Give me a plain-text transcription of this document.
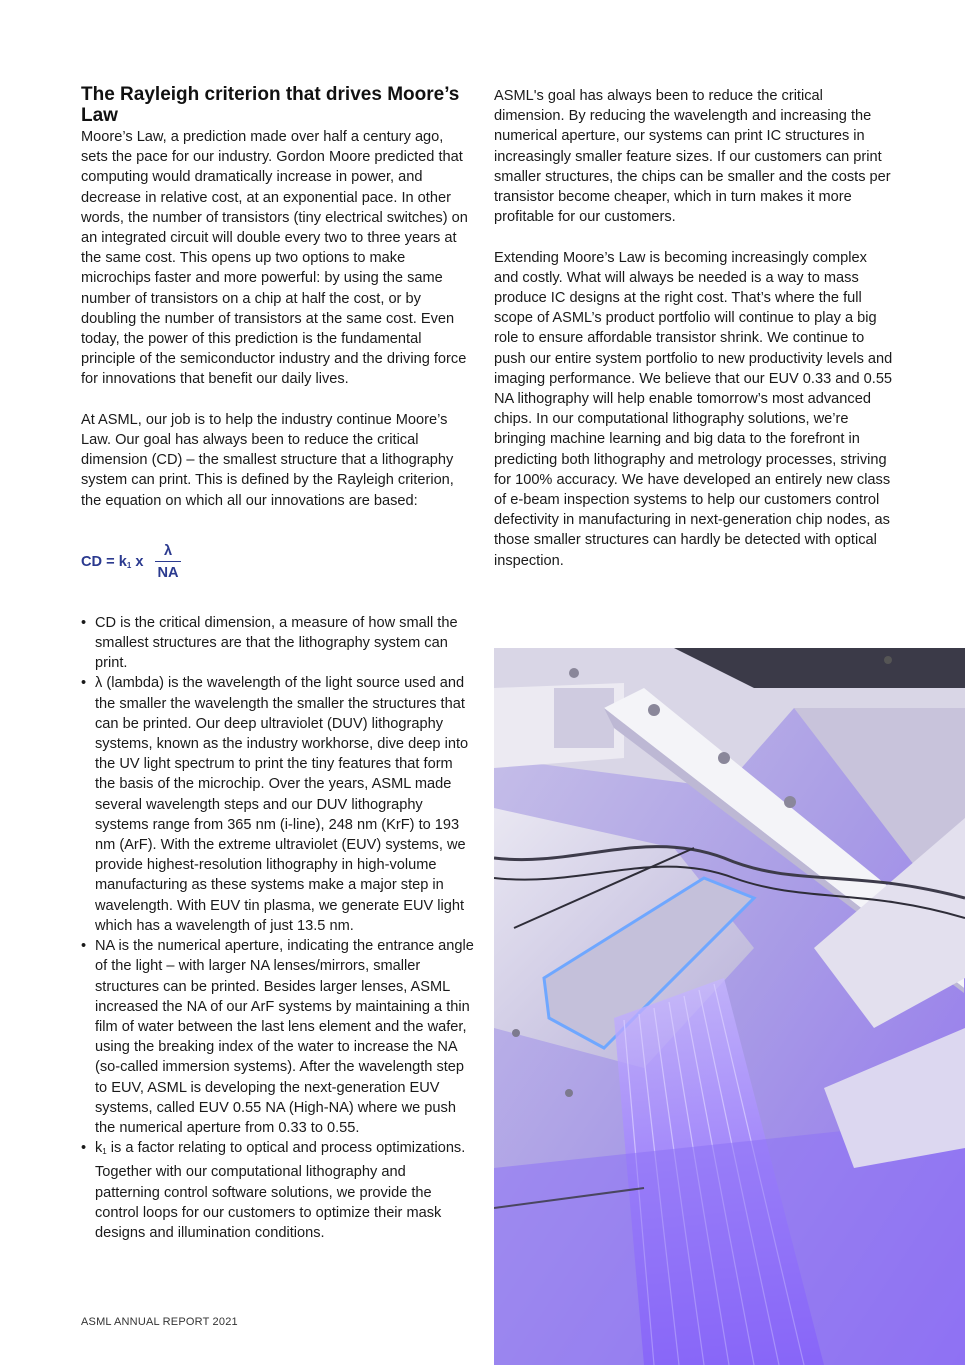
The Rayleigh criterion that drives Moore’s Law

Moore’s Law, a prediction made over half a century ago, sets the pace for our industry. Gordon Moore predicted that computing would dramatically increase in power, and decrease in relative cost, at an exponential pace. In other words, the number of transistors (tiny electrical switches) on an integrated circuit will double every two to three years at the same cost. This opens up two options to make microchips faster and more powerful: by using the same number of transistors on a chip at half the cost, or by doubling the number of transistors at the same cost. Even today, the power of this prediction is the fundamental principle of the semiconductor industry and the driving force for innovations that benefit our daily lives.

At ASML, our job is to help the industry continue Moore’s Law. Our goal has always been to reduce the critical dimension (CD) – the smallest structure that a lithography system can print. This is defined by the Rayleigh criterion, the equation on which all our innovations are based:

CD = $k_1$ x
λ
NA
• CD is the critical dimension, a measure of how small the smallest structures are that the lithography system can print.
• λ (lambda) is the wavelength of the light source used and the smaller the wavelength the smaller the structures that can be printed. Our deep ultraviolet (DUV) lithography systems, known as the industry workhorse, dive deep into the UV light spectrum to print the tiny features that form the basis of the microchip. Over the years, ASML made several wavelength steps and our DUV lithography systems range from 365 nm (i-line), 248 nm (KrF) to 193 nm (ArF). With the extreme ultraviolet (EUV) systems, we provide highest-resolution lithography in high-volume manufacturing as these systems make a major step in wavelength. With EUV tin plasma, we generate EUV light which has a wavelength of just 13.5 nm.
• NA is the numerical aperture, indicating the entrance angle of the light – with larger NA lenses/mirrors, smaller structures can be printed. Besides larger lenses, ASML increased the NA of our ArF systems by maintaining a thin film of water between the last lens element and the wafer, using the breaking index of the water to increase the NA (so-called immersion systems). After the wavelength step to EUV, ASML is developing the next-generation EUV systems, called EUV 0.55 NA (High-NA) where we push the numerical aperture from 0.33 to 0.55.
• $k_1$ is a factor relating to optical and process optimizations. Together with our computational lithography and patterning control software solutions, we provide the control loops for our customers to optimize their mask designs and illumination conditions.

ASML's goal has always been to reduce the critical dimension. By reducing the wavelength and increasing the numerical aperture, our systems can print IC structures in increasingly smaller feature sizes. If our customers can print smaller structures, the chips can be smaller and the costs per transistor become cheaper, which in turn makes it more profitable for our customers.

Extending Moore’s Law is becoming increasingly complex and costly. What will always be needed is a way to mass produce IC designs at the right cost. That’s where the full scope of ASML’s product portfolio will continue to play a big role to ensure affordable transistor shrink. We continue to push our entire system portfolio to new productivity levels and imaging performance. We believe that our EUV 0.33 and 0.55 NA lithography will help enable tomorrow’s most advanced chips. In our computational lithography solutions, we’re bringing machine learning and big data to the forefront in predicting both lithography and metrology processes, striving for 100% accuracy. We have developed an entirely new class of e-beam inspection systems to help our customers control defectivity in manufacturing in next-generation chip nodes, as those smaller structures can hardly be detected with optical inspection.

ASML ANNUAL REPORT 2021
